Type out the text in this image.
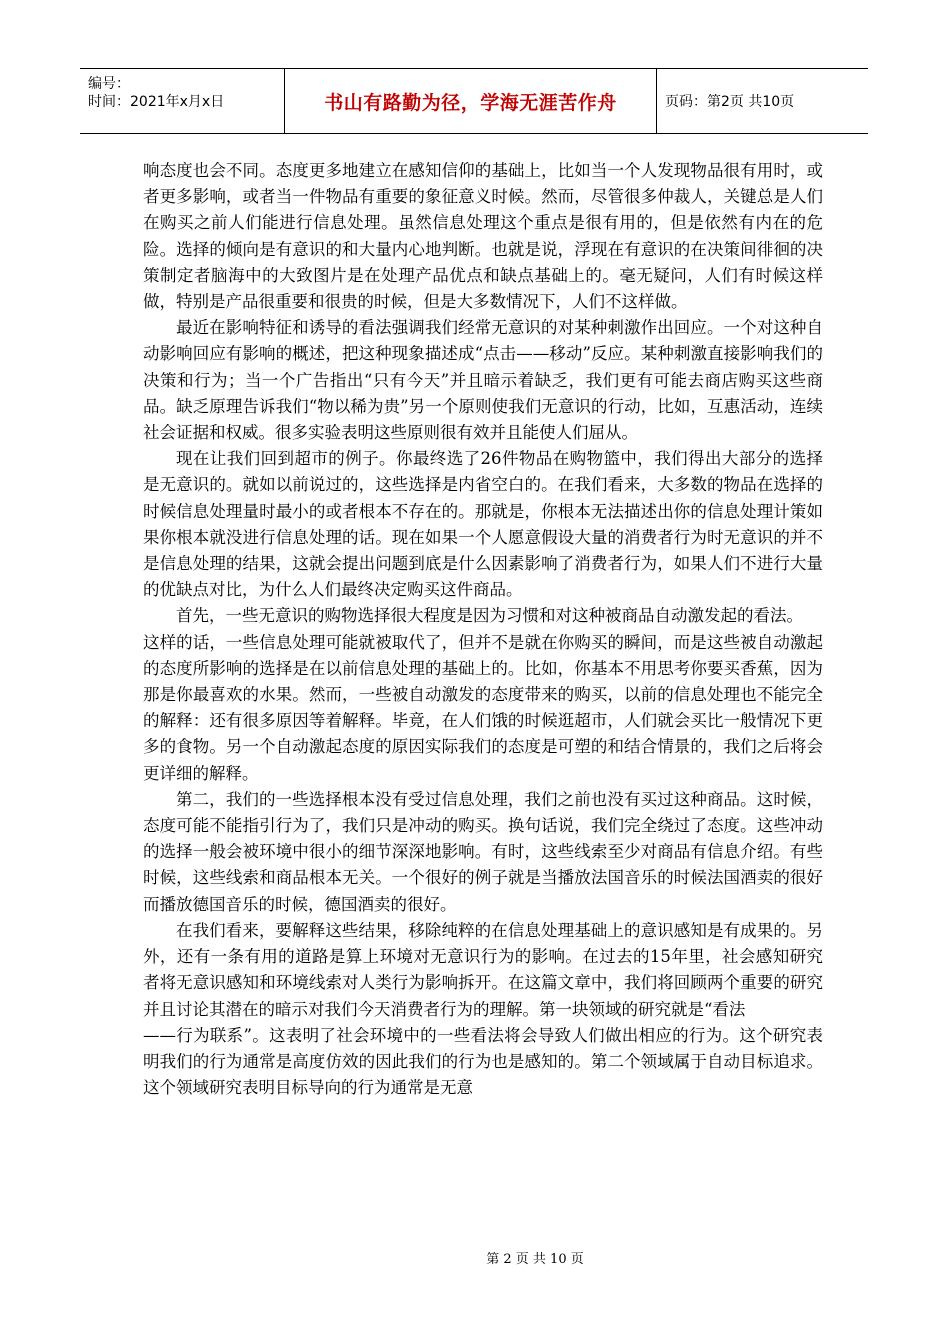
编号：
时间：2021年x月x日	书山有路勤为径，学海无涯苦作舟	页码：第2页 共10页

响态度也会不同。态度更多地建立在感知信仰的基础上，比如当一个人发现物品很有用时，或者更多影响，或者当一件物品有重要的象征意义时候。然而，尽管很多仲裁人，关键总是人们在购买之前人们能进行信息处理。虽然信息处理这个重点是很有用的，但是依然有内在的危险。选择的倾向是有意识的和大量内心地判断。也就是说，浮现在有意识的在决策间徘徊的决策制定者脑海中的大致图片是在处理产品优点和缺点基础上的。毫无疑问，人们有时候这样做，特别是产品很重要和很贵的时候，但是大多数情况下，人们不这样做。

最近在影响特征和诱导的看法强调我们经常无意识的对某种刺激作出回应。一个对这种自动影响回应有影响的概述，把这种现象描述成“点击——移动”反应。某种刺激直接影响我们的决策和行为；当一个广告指出“只有今天”并且暗示着缺乏，我们更有可能去商店购买这些商品。缺乏原理告诉我们“物以稀为贵”另一个原则使我们无意识的行动，比如，互惠活动，连续社会证据和权威。很多实验表明这些原则很有效并且能使人们屈从。

现在让我们回到超市的例子。你最终选了26件物品在购物篮中，我们得出大部分的选择是无意识的。就如以前说过的，这些选择是内省空白的。在我们看来，大多数的物品在选择的时候信息处理量时最小的或者根本不存在的。那就是，你根本无法描述出你的信息处理计策如果你根本就没进行信息处理的话。现在如果一个人愿意假设大量的消费者行为时无意识的并不是信息处理的结果，这就会提出问题到底是什么因素影响了消费者行为，如果人们不进行大量的优缺点对比，为什么人们最终决定购买这件商品。

首先，一些无意识的购物选择很大程度是因为习惯和对这种被商品自动激发起的看法。

这样的话，一些信息处理可能就被取代了，但并不是就在你购买的瞬间，而是这些被自动激起的态度所影响的选择是在以前信息处理的基础上的。比如，你基本不用思考你要买香蕉，因为那是你最喜欢的水果。然而，一些被自动激发的态度带来的购买，以前的信息处理也不能完全的解释：还有很多原因等着解释。毕竟，在人们饿的时候逛超市，人们就会买比一般情况下更多的食物。另一个自动激起态度的原因实际我们的态度是可塑的和结合情景的，我们之后将会更详细的解释。

第二，我们的一些选择根本没有受过信息处理，我们之前也没有买过这种商品。这时候，态度可能不能指引行为了，我们只是冲动的购买。换句话说，我们完全绕过了态度。这些冲动的选择一般会被环境中很小的细节深深地影响。有时，这些线索至少对商品有信息介绍。有些时候，这些线索和商品根本无关。一个很好的例子就是当播放法国音乐的时候法国酒卖的很好而播放德国音乐的时候，德国酒卖的很好。

在我们看来，要解释这些结果，移除纯粹的在信息处理基础上的意识感知是有成果的。另外，还有一条有用的道路是算上环境对无意识行为的影响。在过去的15年里，社会感知研究者将无意识感知和环境线索对人类行为影响拆开。在这篇文章中，我们将回顾两个重要的研究并且讨论其潜在的暗示对我们今天消费者行为的理解。第一块领域的研究就是“看法

——行为联系”。这表明了社会环境中的一些看法将会导致人们做出相应的行为。这个研究表明我们的行为通常是高度仿效的因此我们的行为也是感知的。第二个领域属于自动目标追求。这个领域研究表明目标导向的行为通常是无意

第 2 页 共 10 页
